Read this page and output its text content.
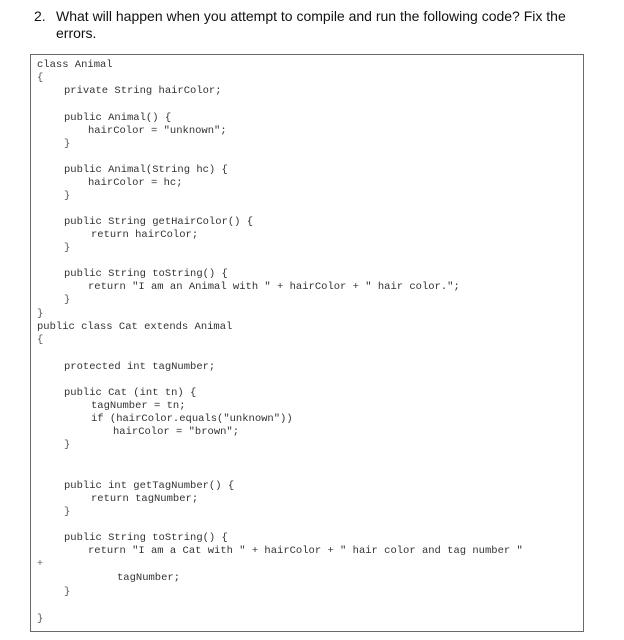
2. What will happen when you attempt to compile and run the following code? Fix the
errors.
class Animal
{
private String hairColor;
public Animal() {
hairColor = "unknown";
}
public Animal(String hc) {
hairColor = hc;
}
public String getHairColor() {
return hairColor;
}
public String toString() {
return "I am an Animal with " + hairColor + " hair color.";
}
}
public class Cat extends Animal
{
protected int tagNumber;
public Cat (int tn) {
tagNumber = tn;
if (hairColor.equals("unknown"))
hairColor = "brown";
}
public int getTagNumber() {
return tagNumber;
}
public String toString() {
return "I am a Cat with " + hairColor + " hair color and tag number "
+
tagNumber;
}
}
